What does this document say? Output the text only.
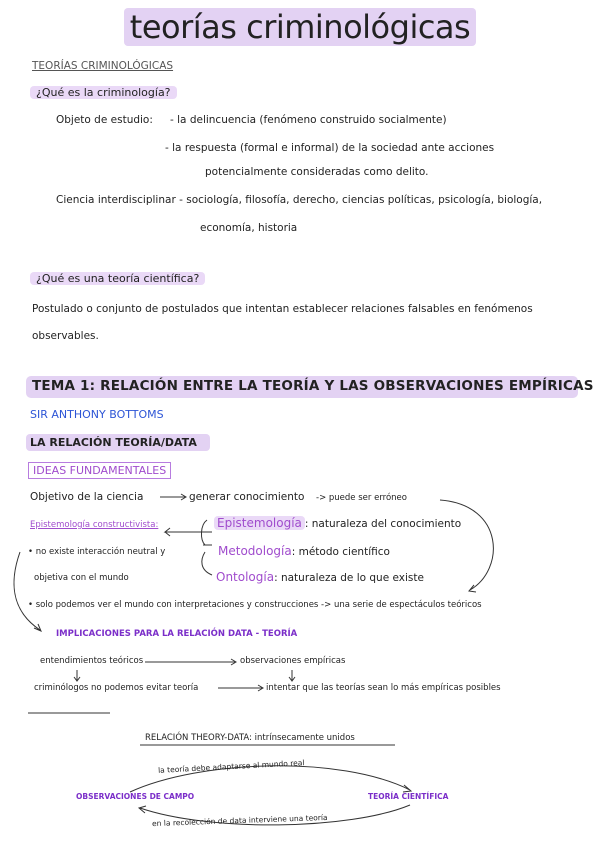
teorías criminológicas
TEORÍAS CRIMINOLÓGICAS
¿Qué es la criminología?
Objeto de estudio: - la delincuencia (fenómeno construido socialmente)
- la respuesta (formal e informal) de la sociedad ante acciones
potencialmente consideradas como delito.
Ciencia interdisciplinar - sociología, filosofía, derecho, ciencias políticas, psicología, biología,
economía, historia
¿Qué es una teoría científica?
Postulado o conjunto de postulados que intentan establecer relaciones falsables en fenómenos
observables.
TEMA 1: RELACIÓN ENTRE LA TEORÍA Y LAS OBSERVACIONES EMPÍRICAS
SIR ANTHONY BOTTOMS
LA RELACIÓN TEORÍA/DATA
IDEAS FUNDAMENTALES
Objetivo de la ciencia	generar conocimiento -> puede ser erróneo
Epistemología constructivista:	Epistemología : naturaleza del conocimiento
Metodología: método científico
Ontología: naturaleza de lo que existe
• no existe interacción neutral y
objetiva con el mundo
• solo podemos ver el mundo con interpretaciones y construcciones -> una serie de espectáculos teóricos
IMPLICACIONES PARA LA RELACIÓN DATA - TEORÍA
entendimientos teóricos	observaciones empíricas
criminólogos no podemos evitar teoría	intentar que las teorías sean lo más empíricas posibles
RELACIÓN THEORY-DATA: intrínsecamente unidos
la teoría debe adaptarse al mundo real
OBSERVACIONES DE CAMPO	TEORÍA CIENTÍFICA
en la recolección de data interviene una teoría
